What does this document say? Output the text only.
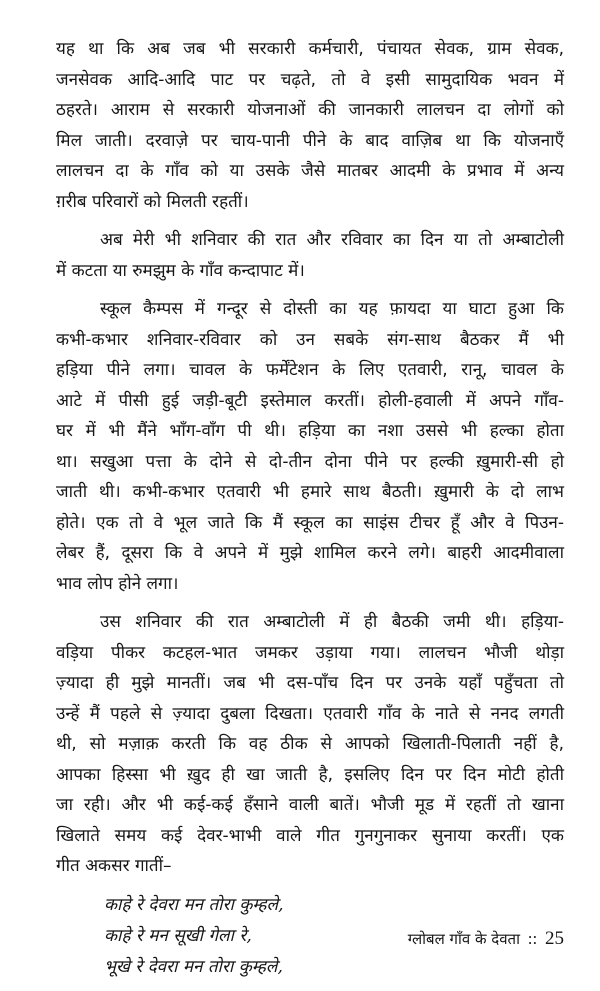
यह था कि अब जब भी सरकारी कर्मचारी, पंचायत सेवक, ग्राम सेवक,
जनसेवक आदि-आदि पाट पर चढ़ते, तो वे इसी सामुदायिक भवन में
ठहरते। आराम से सरकारी योजनाओं की जानकारी लालचन दा लोगों को
मिल जाती। दरवाज़े पर चाय-पानी पीने के बाद वाज़िब था कि योजनाएँ
लालचन दा के गाँव को या उसके जैसे मातबर आदमी के प्रभाव में अन्य
ग़रीब परिवारों को मिलती रहतीं।
अब मेरी भी शनिवार की रात और रविवार का दिन या तो अम्बाटोली
में कटता या रुमझुम के गाँव कन्दापाट में।
स्कूल कैम्पस में गन्दूर से दोस्ती का यह फ़ायदा या घाटा हुआ कि
कभी-कभार शनिवार-रविवार को उन सबके संग-साथ बैठकर मैं भी
हड़िया पीने लगा। चावल के फर्मेंटेशन के लिए एतवारी, रानू, चावल के
आटे में पीसी हुई जड़ी-बूटी इस्तेमाल करतीं। होली-हवाली में अपने गाँव-
घर में भी मैंने भाँग-वाँग पी थी। हड़िया का नशा उससे भी हल्का होता
था। सखुआ पत्ता के दोने से दो-तीन दोना पीने पर हल्की ख़ुमारी-सी हो
जाती थी। कभी-कभार एतवारी भी हमारे साथ बैठती। ख़ुमारी के दो लाभ
होते। एक तो वे भूल जाते कि मैं स्कूल का साइंस टीचर हूँ और वे पिउन-
लेबर हैं, दूसरा कि वे अपने में मुझे शामिल करने लगे। बाहरी आदमीवाला
भाव लोप होने लगा।
उस शनिवार की रात अम्बाटोली में ही बैठकी जमी थी। हड़िया-
वड़िया पीकर कटहल-भात जमकर उड़ाया गया। लालचन भौजी थोड़ा
ज़्यादा ही मुझे मानतीं। जब भी दस-पाँच दिन पर उनके यहाँ पहुँचता तो
उन्हें मैं पहले से ज़्यादा दुबला दिखता। एतवारी गाँव के नाते से ननद लगती
थी, सो मज़ाक़ करती कि वह ठीक से आपको खिलाती-पिलाती नहीं है,
आपका हिस्सा भी ख़ुद ही खा जाती है, इसलिए दिन पर दिन मोटी होती
जा रही। और भी कई-कई हँसाने वाली बातें। भौजी मूड में रहतीं तो खाना
खिलाते समय कई देवर-भाभी वाले गीत गुनगुनाकर सुनाया करतीं। एक
गीत अकसर गातीं–
काहे रे देवरा मन तोरा कुम्हले,
काहे रे मन सूखी गेला रे,
भूखे रे देवरा मन तोरा कुम्हले,
ग्लोबल गाँव के देवता :: 25
